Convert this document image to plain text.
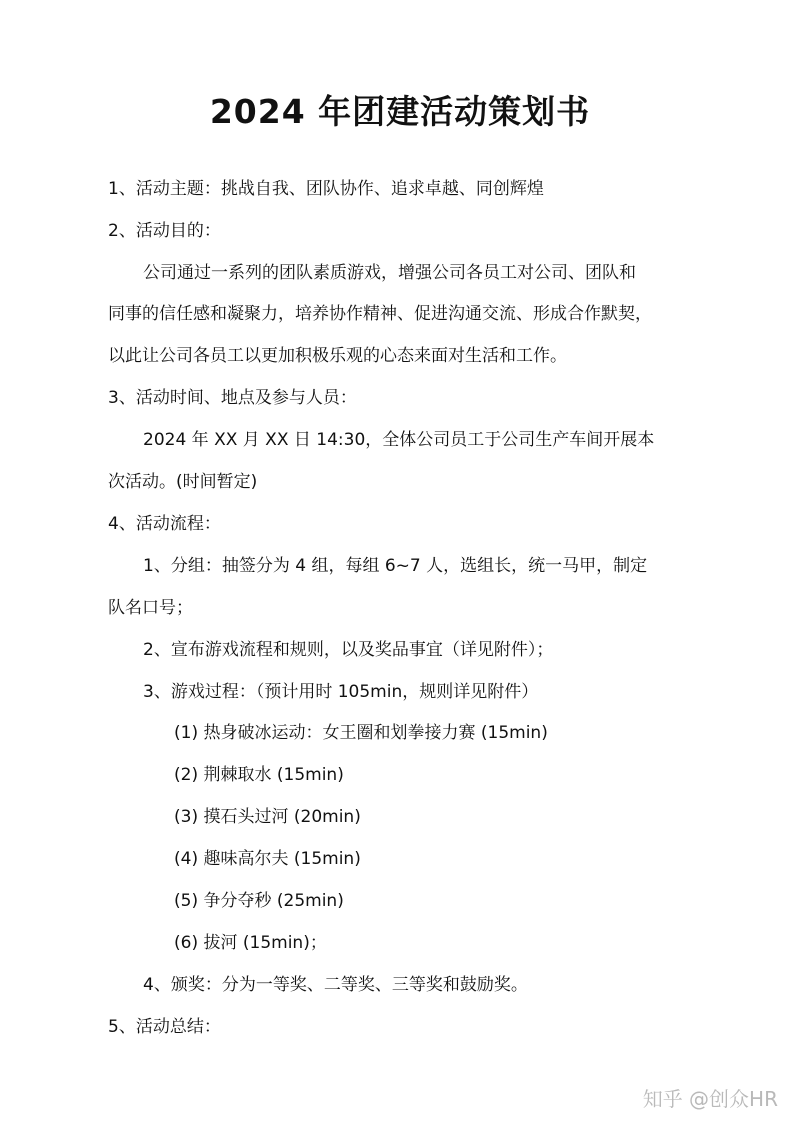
2024 年团建活动策划书
1、活动主题：挑战自我、团队协作、追求卓越、同创辉煌
2、活动目的：
公司通过一系列的团队素质游戏，增强公司各员工对公司、团队和
同事的信任感和凝聚力，培养协作精神、促进沟通交流、形成合作默契，
以此让公司各员工以更加积极乐观的心态来面对生活和工作。
3、活动时间、地点及参与人员：
2024 年 XX 月 XX 日 14:30，全体公司员工于公司生产车间开展本
次活动。(时间暂定)
4、活动流程：
1、分组：抽签分为 4 组，每组 6~7 人，选组长，统一马甲，制定
队名口号；
2、宣布游戏流程和规则，以及奖品事宜（详见附件）；
3、游戏过程：（预计用时 105min，规则详见附件）
(1) 热身破冰运动：女王圈和划拳接力赛 (15min)
(2) 荆棘取水 (15min)
(3) 摸石头过河 (20min)
(4) 趣味高尔夫 (15min)
(5) 争分夺秒 (25min)
(6) 拔河 (15min)；
4、颁奖：分为一等奖、二等奖、三等奖和鼓励奖。
5、活动总结：
知乎 @创众HR
